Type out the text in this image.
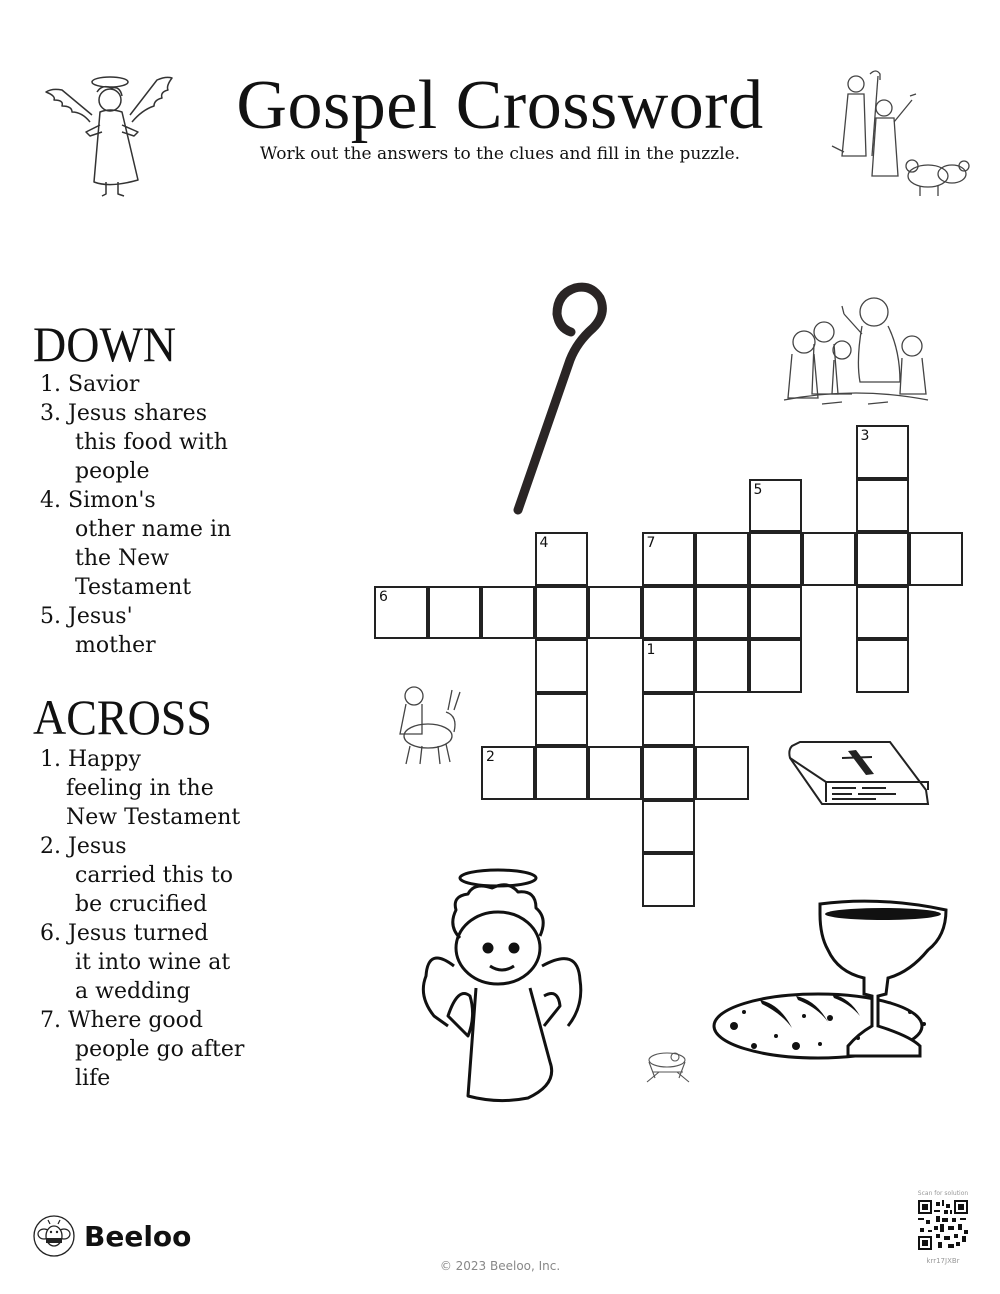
Gospel Crossword
Work out the answers to the clues and fill in the puzzle.
DOWN
1. Savior
3. Jesus shares
this food with
people
4. Simon's
other name in
the New
Testament
5. Jesus'
mother
ACROSS
1. Happy
feeling in the
New Testament
2. Jesus
carried this to
be crucified
6. Jesus turned
it into wine at
a wedding
7. Where good
people go after
life
3
5
4	7
6
1
2
Beeloo
© 2023 Beeloo, Inc.
Scan for solution
krr17JXBr
